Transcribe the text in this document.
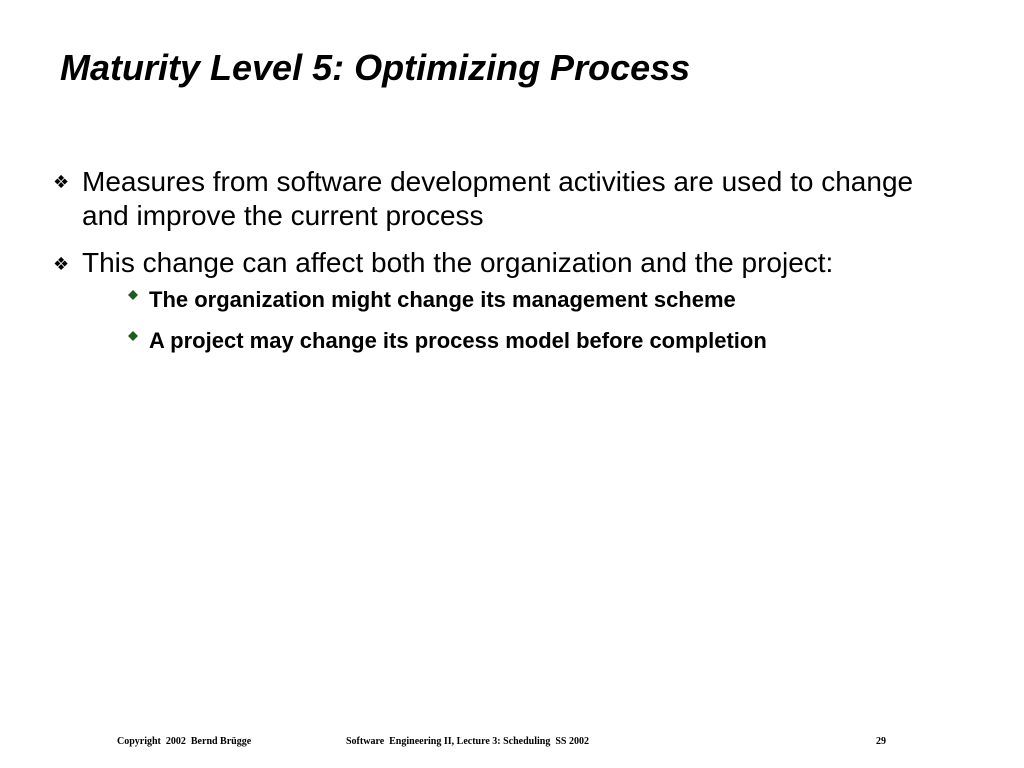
Maturity Level 5: Optimizing Process
❖ Measures from software development activities are used to change and improve the current process
❖ This change can affect both the organization and the project:
The organization might change its management scheme
A project may change its process model before completion
Copyright  2002  Bernd Brügge	Software  Engineering II, Lecture 3: Scheduling  SS 2002	29
